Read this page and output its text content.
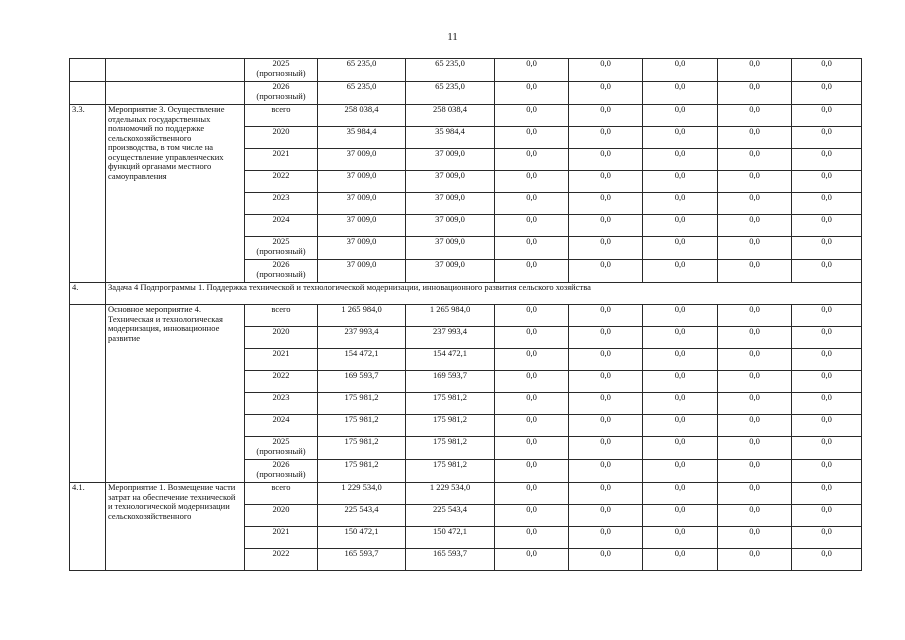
11
		2025 (прогнозный)	65 235,0	65 235,0	0,0	0,0	0,0	0,0	0,0
		2026 (прогнозный)	65 235,0	65 235,0	0,0	0,0	0,0	0,0	0,0
3.3.	Мероприятие 3. Осуществление отдельных государственных полномочий по поддержке сельскохозяйственного производства, в том числе на осуществление управленческих функций органами местного самоуправления	всего	258 038,4	258 038,4	0,0	0,0	0,0	0,0	0,0
		2020	35 984,4	35 984,4	0,0	0,0	0,0	0,0	0,0
		2021	37 009,0	37 009,0	0,0	0,0	0,0	0,0	0,0
		2022	37 009,0	37 009,0	0,0	0,0	0,0	0,0	0,0
		2023	37 009,0	37 009,0	0,0	0,0	0,0	0,0	0,0
		2024	37 009,0	37 009,0	0,0	0,0	0,0	0,0	0,0
		2025 (прогнозный)	37 009,0	37 009,0	0,0	0,0	0,0	0,0	0,0
		2026 (прогнозный)	37 009,0	37 009,0	0,0	0,0	0,0	0,0	0,0
4.	Задача 4 Подпрограммы 1. Поддержка технической и технологической модернизации, инновационного развития сельского хозяйства								
	Основное мероприятие 4. Техническая и технологическая модернизация, инновационное развитие	всего	1 265 984,0	1 265 984,0	0,0	0,0	0,0	0,0	0,0
		2020	237 993,4	237 993,4	0,0	0,0	0,0	0,0	0,0
		2021	154 472,1	154 472,1	0,0	0,0	0,0	0,0	0,0
		2022	169 593,7	169 593,7	0,0	0,0	0,0	0,0	0,0
		2023	175 981,2	175 981,2	0,0	0,0	0,0	0,0	0,0
		2024	175 981,2	175 981,2	0,0	0,0	0,0	0,0	0,0
		2025 (прогнозный)	175 981,2	175 981,2	0,0	0,0	0,0	0,0	0,0
		2026 (прогнозный)	175 981,2	175 981,2	0,0	0,0	0,0	0,0	0,0
4.1.	Мероприятие 1. Возмещение части затрат на обеспечение технической и технологической модернизации сельскохозяйственного	всего	1 229 534,0	1 229 534,0	0,0	0,0	0,0	0,0	0,0
		2020	225 543,4	225 543,4	0,0	0,0	0,0	0,0	0,0
		2021	150 472,1	150 472,1	0,0	0,0	0,0	0,0	0,0
		2022	165 593,7	165 593,7	0,0	0,0	0,0	0,0	0,0
